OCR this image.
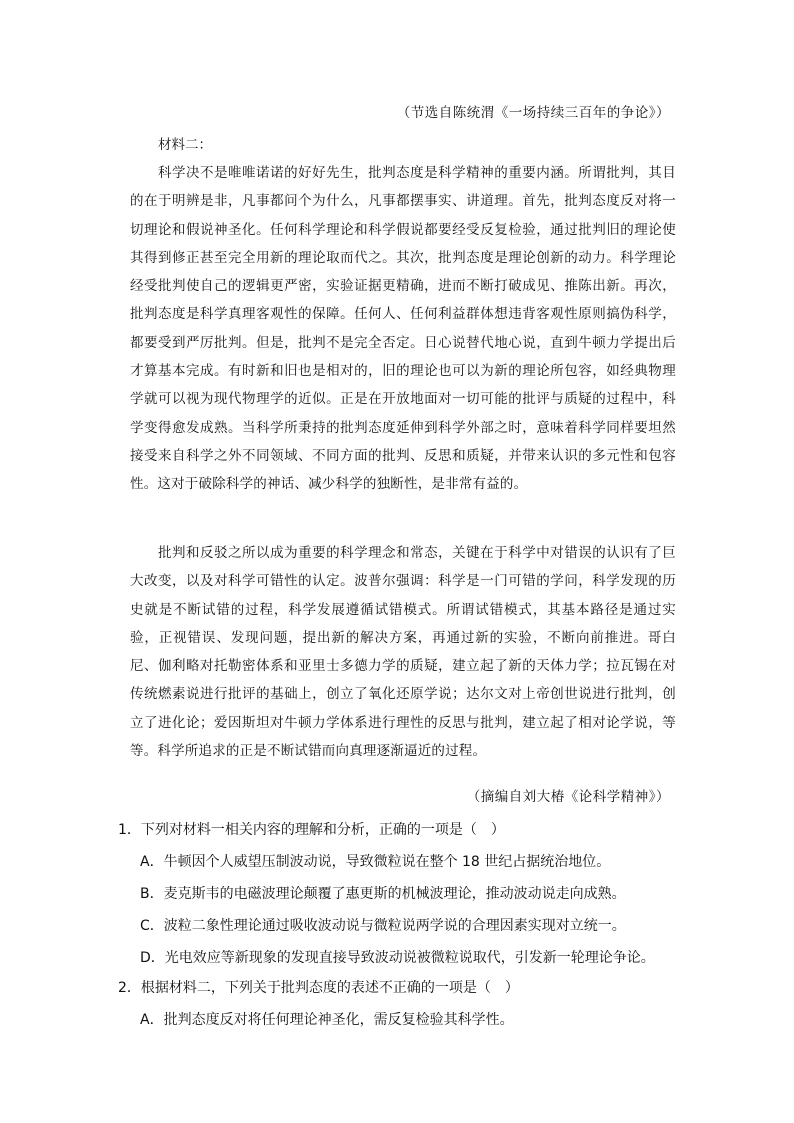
（节选自陈统渭《一场持续三百年的争论》）
材料二：

科学决不是唯唯诺诺的好好先生，批判态度是科学精神的重要内涵。所谓批判，其目的在于明辨是非，凡事都问个为什么，凡事都摆事实、讲道理。首先，批判态度反对将一切理论和假说神圣化。任何科学理论和科学假说都要经受反复检验，通过批判旧的理论使其得到修正甚至完全用新的理论取而代之。其次，批判态度是理论创新的动力。科学理论经受批判使自己的逻辑更严密，实验证据更精确，进而不断打破成见、推陈出新。再次，批判态度是科学真理客观性的保障。任何人、任何利益群体想违背客观性原则搞伪科学，都要受到严厉批判。但是，批判不是完全否定。日心说替代地心说，直到牛顿力学提出后才算基本完成。有时新和旧也是相对的，旧的理论也可以为新的理论所包容，如经典物理学就可以视为现代物理学的近似。正是在开放地面对一切可能的批评与质疑的过程中，科学变得愈发成熟。当科学所秉持的批判态度延伸到科学外部之时，意味着科学同样要坦然接受来自科学之外不同领域、不同方面的批判、反思和质疑，并带来认识的多元性和包容性。这对于破除科学的神话、减少科学的独断性，是非常有益的。

批判和反驳之所以成为重要的科学理念和常态，关键在于科学中对错误的认识有了巨大改变，以及对科学可错性的认定。波普尔强调：科学是一门可错的学问，科学发现的历史就是不断试错的过程，科学发展遵循试错模式。所谓试错模式，其基本路径是通过实验，正视错误、发现问题，提出新的解决方案，再通过新的实验，不断向前推进。哥白尼、伽利略对托勒密体系和亚里士多德力学的质疑，建立起了新的天体力学；拉瓦锡在对传统燃素说进行批评的基础上，创立了氧化还原学说；达尔文对上帝创世说进行批判，创立了进化论；爱因斯坦对牛顿力学体系进行理性的反思与批判，建立起了相对论学说，等等。科学所追求的正是不断试错而向真理逐渐逼近的过程。

（摘编自刘大椿《论科学精神》）
1．下列对材料一相关内容的理解和分析，正确的一项是（　）
A．牛顿因个人威望压制波动说，导致微粒说在整个 18 世纪占据统治地位。
B．麦克斯韦的电磁波理论颠覆了惠更斯的机械波理论，推动波动说走向成熟。
C．波粒二象性理论通过吸收波动说与微粒说两学说的合理因素实现对立统一。
D．光电效应等新现象的发现直接导致波动说被微粒说取代，引发新一轮理论争论。
2．根据材料二，下列关于批判态度的表述不正确的一项是（　）
A．批判态度反对将任何理论神圣化，需反复检验其科学性。
